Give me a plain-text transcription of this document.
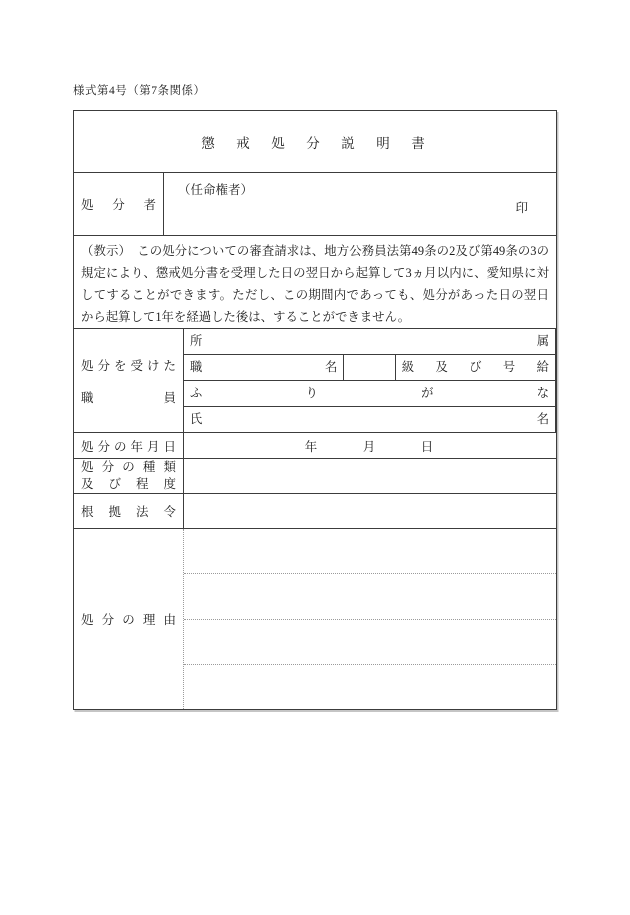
様式第4号（第7条関係）
懲　戒　処　分　説　明　書
処分者
（任命権者）
印
（教示）　この処分についての審査請求は、地方公務員法第49条の2及び第49条の3の規定により、懲戒処分書を受理した日の翌日から起算して3ヵ月以内に、愛知県に対してすることができます。ただし、この期間内であっても、処分があった日の翌日から起算して1年を経過した後は、することができません。
処分を受けた
職員
所属
職名	級及び号給
ふりがな
氏名
処分の年月日	年　　　月　　　日
処分の種類
及び程度
根拠法令
処分の理由
